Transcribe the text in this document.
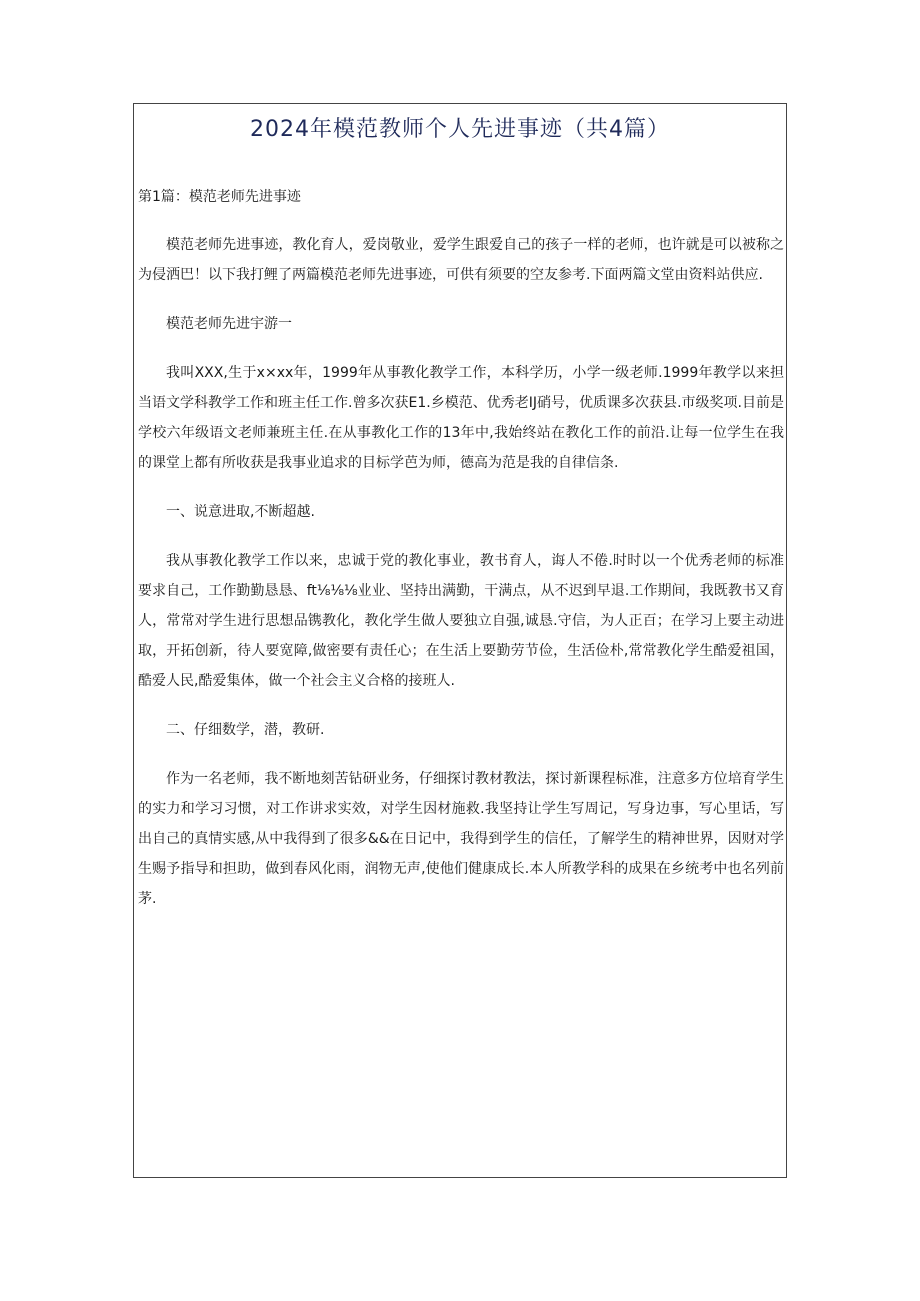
2024年模范教师个人先进事迹（共4篇）
第1篇：模范老师先进事迹

模范老师先进事迹，教化育人，爱岗敬业，爱学生跟爱自己的孩子一样的老师，也许就是可以被称之为侵洒巴！以下我打鲤了两篇模范老师先进事迹，可供有须要的空友参考.下面两篇文堂由资料站供应.

模范老师先进宇游一

我叫XXX,生于x×xx年，1999年从事教化教学工作，本科学历，小学一级老师.1999年教学以来担当语文学科教学工作和班主任工作.曾多次获E1.乡模范、优秀老IJ硝号，优质课多次获县.市级奖项.目前是学校六年级语文老师兼班主任.在从事教化工作的13年中,我始终站在教化工作的前沿.让每一位学生在我的课堂上都有所收获是我事业追求的目标学芭为师，德高为范是我的自律信条.

一、说意进取,不断超越.

我从事教化教学工作以来，忠诚于党的教化事业，教书育人，诲人不倦.时时以一个优秀老师的标准要求自己，工作勤勤恳恳、ft⅛⅛⅛业业、坚持出满勤，干满点，从不迟到早退.工作期间，我既教书又育人，常常对学生进行思想品镌教化，教化学生做人要独立自强,诚恳.守信，为人正百；在学习上要主动进取，开拓创新，待人要宽障,做密要有责任心；在生活上要勤劳节俭，生活俭朴,常常教化学生酷爱祖国，酷爱人民,酷爱集体，做一个社会主义合格的接班人.

二、仔细数学，潜，教研.

作为一名老师，我不断地刻苦钻研业务，仔细探讨教材教法，探讨新课程标准，注意多方位培育学生的实力和学习习惯，对工作讲求实效，对学生因材施救.我坚持让学生写周记，写身边事，写心里话，写出自己的真情实感,从中我得到了很多&&在日记中，我得到学生的信任，了解学生的精神世界，因财对学生赐予指导和担助，做到春风化雨，润物无声,使他们健康成长.本人所教学科的成果在乡统考中也名列前茅.
